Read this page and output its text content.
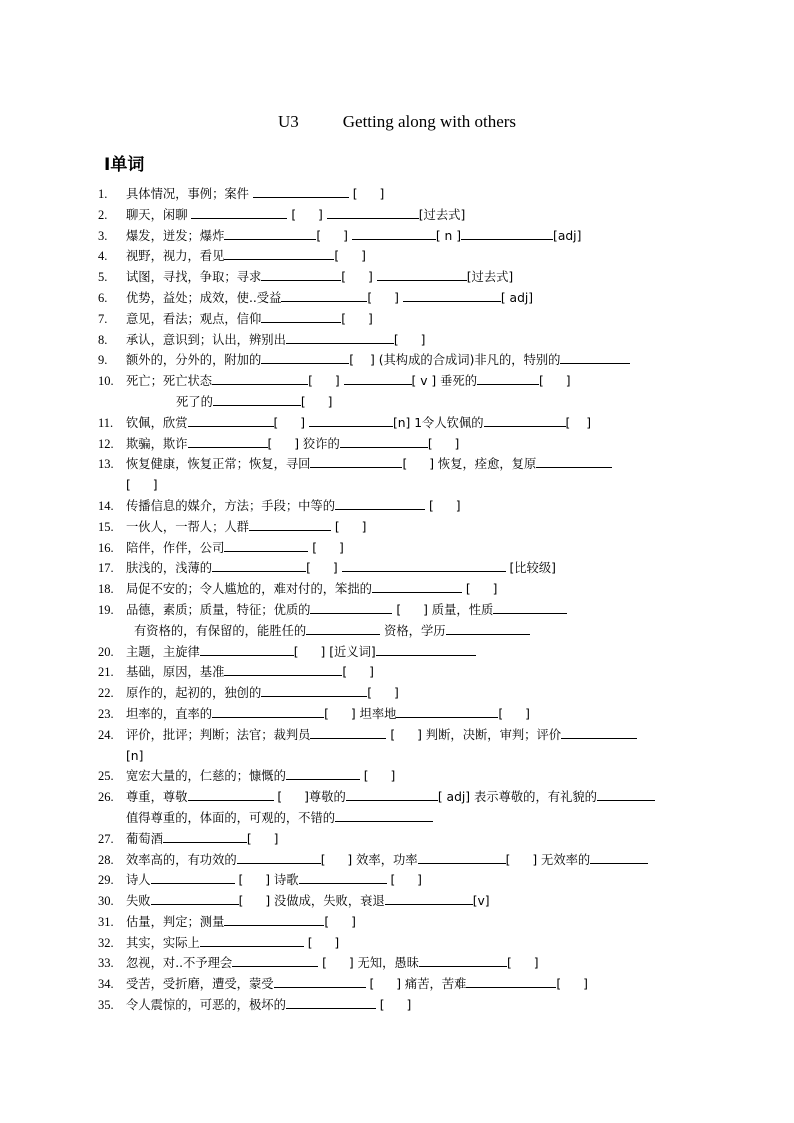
U3	Getting along with others
Ⅰ单词
1.	具体情况，事例；案件	[ ]
2.	聊天，闲聊	[ ]	[过去式]
3.	爆发，迸发；爆炸	[ ]	[ n ]	[adj]
4.	视野，视力，看见	[ ]
5.	试图，寻找，争取；寻求	[ ]	[过去式]
6.	优势，益处；成效，使..受益	[ ]	[ adj]
7.	意见，看法；观点，信仰	[ ]
8.	承认，意识到；认出，辨别出	[ ]
9.	额外的，分外的，附加的	[ ] (其构成的合成词)非凡的，特别的
10.	死亡；死亡状态	[ ]	[ v ] 垂死的	[ ]
死了的	[ ]
11.	钦佩，欣赏	[ ]	[n] 1令人钦佩的	[ ]
12.	欺骗，欺诈	[ ] 狡诈的	[ ]
13.	恢复健康，恢复正常；恢复，寻回	[ ] 恢复，痊愈，复原
[ ]
14.	传播信息的媒介，方法；手段；中等的	[ ]
15.	一伙人，一帮人；人群	[ ]
16.	陪伴，作伴，公司	[ ]
17.	肤浅的，浅薄的	[ ]	[比较级]
18.	局促不安的；令人尴尬的，难对付的，笨拙的	[ ]
19.	品德，素质；质量，特征；优质的	[ ] 质量，性质
有资格的，有保留的，能胜任的	资格，学历
20.	主题，主旋律	[ ] [近义词]
21.	基础，原因，基准	[ ]
22.	原作的，起初的，独创的	[ ]
23.	坦率的，直率的	[ ] 坦率地	[ ]
24.	评价，批评；判断；法官；裁判员	[ ] 判断，决断，审判；评价
[n]
25.	宽宏大量的，仁慈的；慷慨的	[ ]
26.	尊重，尊敬	[ ]尊敬的	[ adj] 表示尊敬的，有礼貌的
值得尊重的，体面的，可观的，不错的
27.	葡萄酒	[ ]
28.	效率高的，有功效的	[ ] 效率，功率	[ ] 无效率的
29.	诗人	[ ] 诗歌	[ ]
30.	失败	[ ] 没做成，失败，衰退	[v]
31.	估量，判定；测量	[ ]
32.	其实，实际上	[ ]
33.	忽视，对..不予理会	[ ] 无知，愚昧	[ ]
34.	受苦，受折磨，遭受，蒙受	[ ] 痛苦，苦难	[ ]
35.	令人震惊的，可恶的，极坏的	[ ]
